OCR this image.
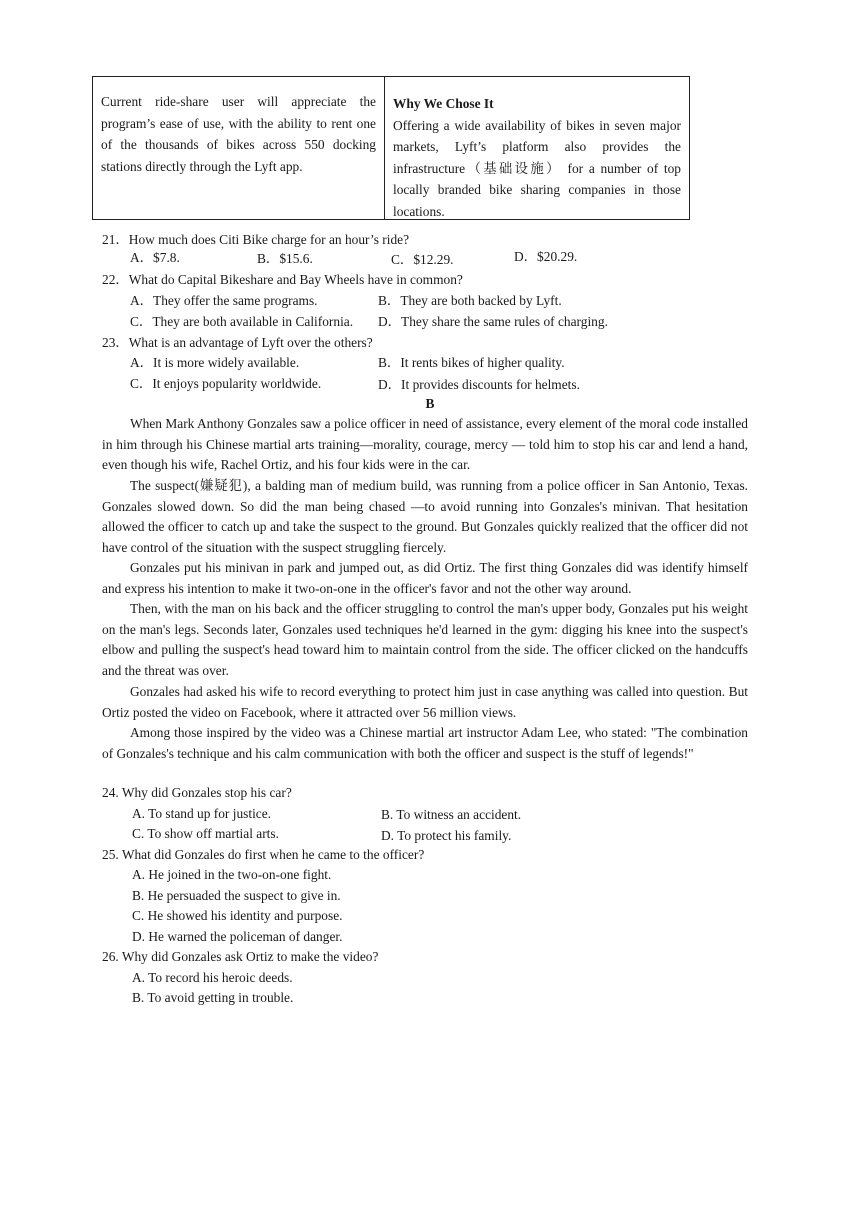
Current ride-share user will appreciate the program’s ease of use, with the ability to rent one of the thousands of bikes across 550 docking stations directly through the Lyft app.
Why We Chose It
Offering a wide availability of bikes in seven major markets, Lyft’s platform also provides the infrastructure（基础设施） for a number of top locally branded bike sharing companies in those locations.
21．How much does Citi Bike charge for an hour’s ride?
A．$7.8.	B．$15.6.	C．$12.29.	D．$20.29.
22．What do Capital Bikeshare and Bay Wheels have in common?
A．They offer the same programs.	B．They are both backed by Lyft.
C．They are both available in California. D．They share the same rules of charging.
23．What is an advantage of Lyft over the others?
A．It is more widely available.	B．It rents bikes of higher quality.
C．It enjoys popularity worldwide.	D．It provides discounts for helmets.
B
When Mark Anthony Gonzales saw a police officer in need of assistance, every element of the moral code installed in him through his Chinese martial arts training—morality, courage, mercy — told him to stop his car and lend a hand, even though his wife, Rachel Ortiz, and his four kids were in the car.
The suspect(嫌疑犯), a balding man of medium build, was running from a police officer in San Antonio, Texas. Gonzales slowed down. So did the man being chased —to avoid running into Gonzales's minivan. That hesitation allowed the officer to catch up and take the suspect to the ground. But Gonzales quickly realized that the officer did not have control of the situation with the suspect struggling fiercely.
Gonzales put his minivan in park and jumped out, as did Ortiz. The first thing Gonzales did was identify himself and express his intention to make it two-on-one in the officer's favor and not the other way around.
Then, with the man on his back and the officer struggling to control the man's upper body, Gonzales put his weight on the man's legs. Seconds later, Gonzales used techniques he'd learned in the gym: digging his knee into the suspect's elbow and pulling the suspect's head toward him to maintain control from the side. The officer clicked on the handcuffs and the threat was over.
Gonzales had asked his wife to record everything to protect him just in case anything was called into question. But Ortiz posted the video on Facebook, where it attracted over 56 million views.
Among those inspired by the video was a Chinese martial art instructor Adam Lee, who stated: "The combination of Gonzales's technique and his calm communication with both the officer and suspect is the stuff of legends!"
24. Why did Gonzales stop his car?
A. To stand up for justice.	B. To witness an accident.
C. To show off martial arts.	D. To protect his family.
25. What did Gonzales do first when he came to the officer?
A. He joined in the two-on-one fight.
B. He persuaded the suspect to give in.
C. He showed his identity and purpose.
D. He warned the policeman of danger.
26. Why did Gonzales ask Ortiz to make the video?
A. To record his heroic deeds.
B. To avoid getting in trouble.
